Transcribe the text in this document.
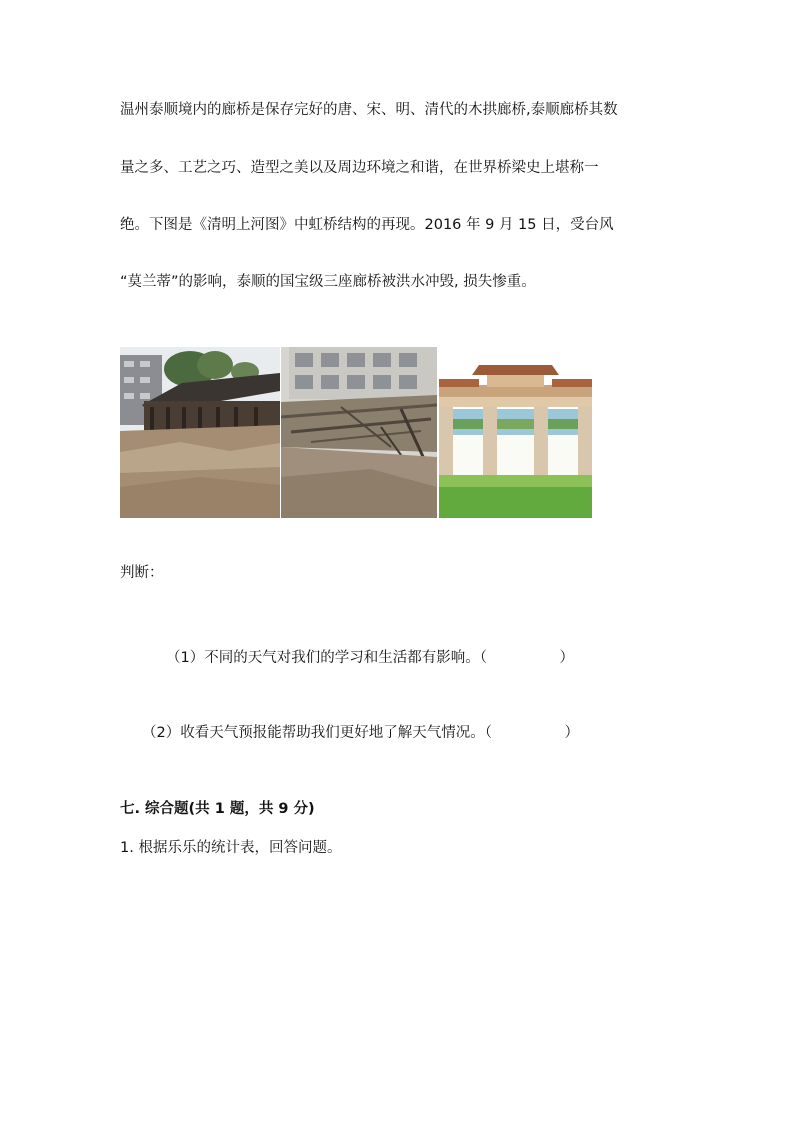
温州泰顺境内的廊桥是保存完好的唐、宋、明、清代的木拱廊桥,泰顺廊桥其数
量之多、工艺之巧、造型之美以及周边环境之和谐，在世界桥梁史上堪称一
绝。下图是《清明上河图》中虹桥结构的再现。2016 年 9 月 15 日，受台风
“莫兰蒂”的影响，泰顺的国宝级三座廊桥被洪水冲毁, 损失惨重。
判断：
（1）不同的天气对我们的学习和生活都有影响。（　　　　　）
（2）收看天气预报能帮助我们更好地了解天气情况。（　　　　　）
七. 综合题(共 1 题，共 9 分)
1. 根据乐乐的统计表，回答问题。
